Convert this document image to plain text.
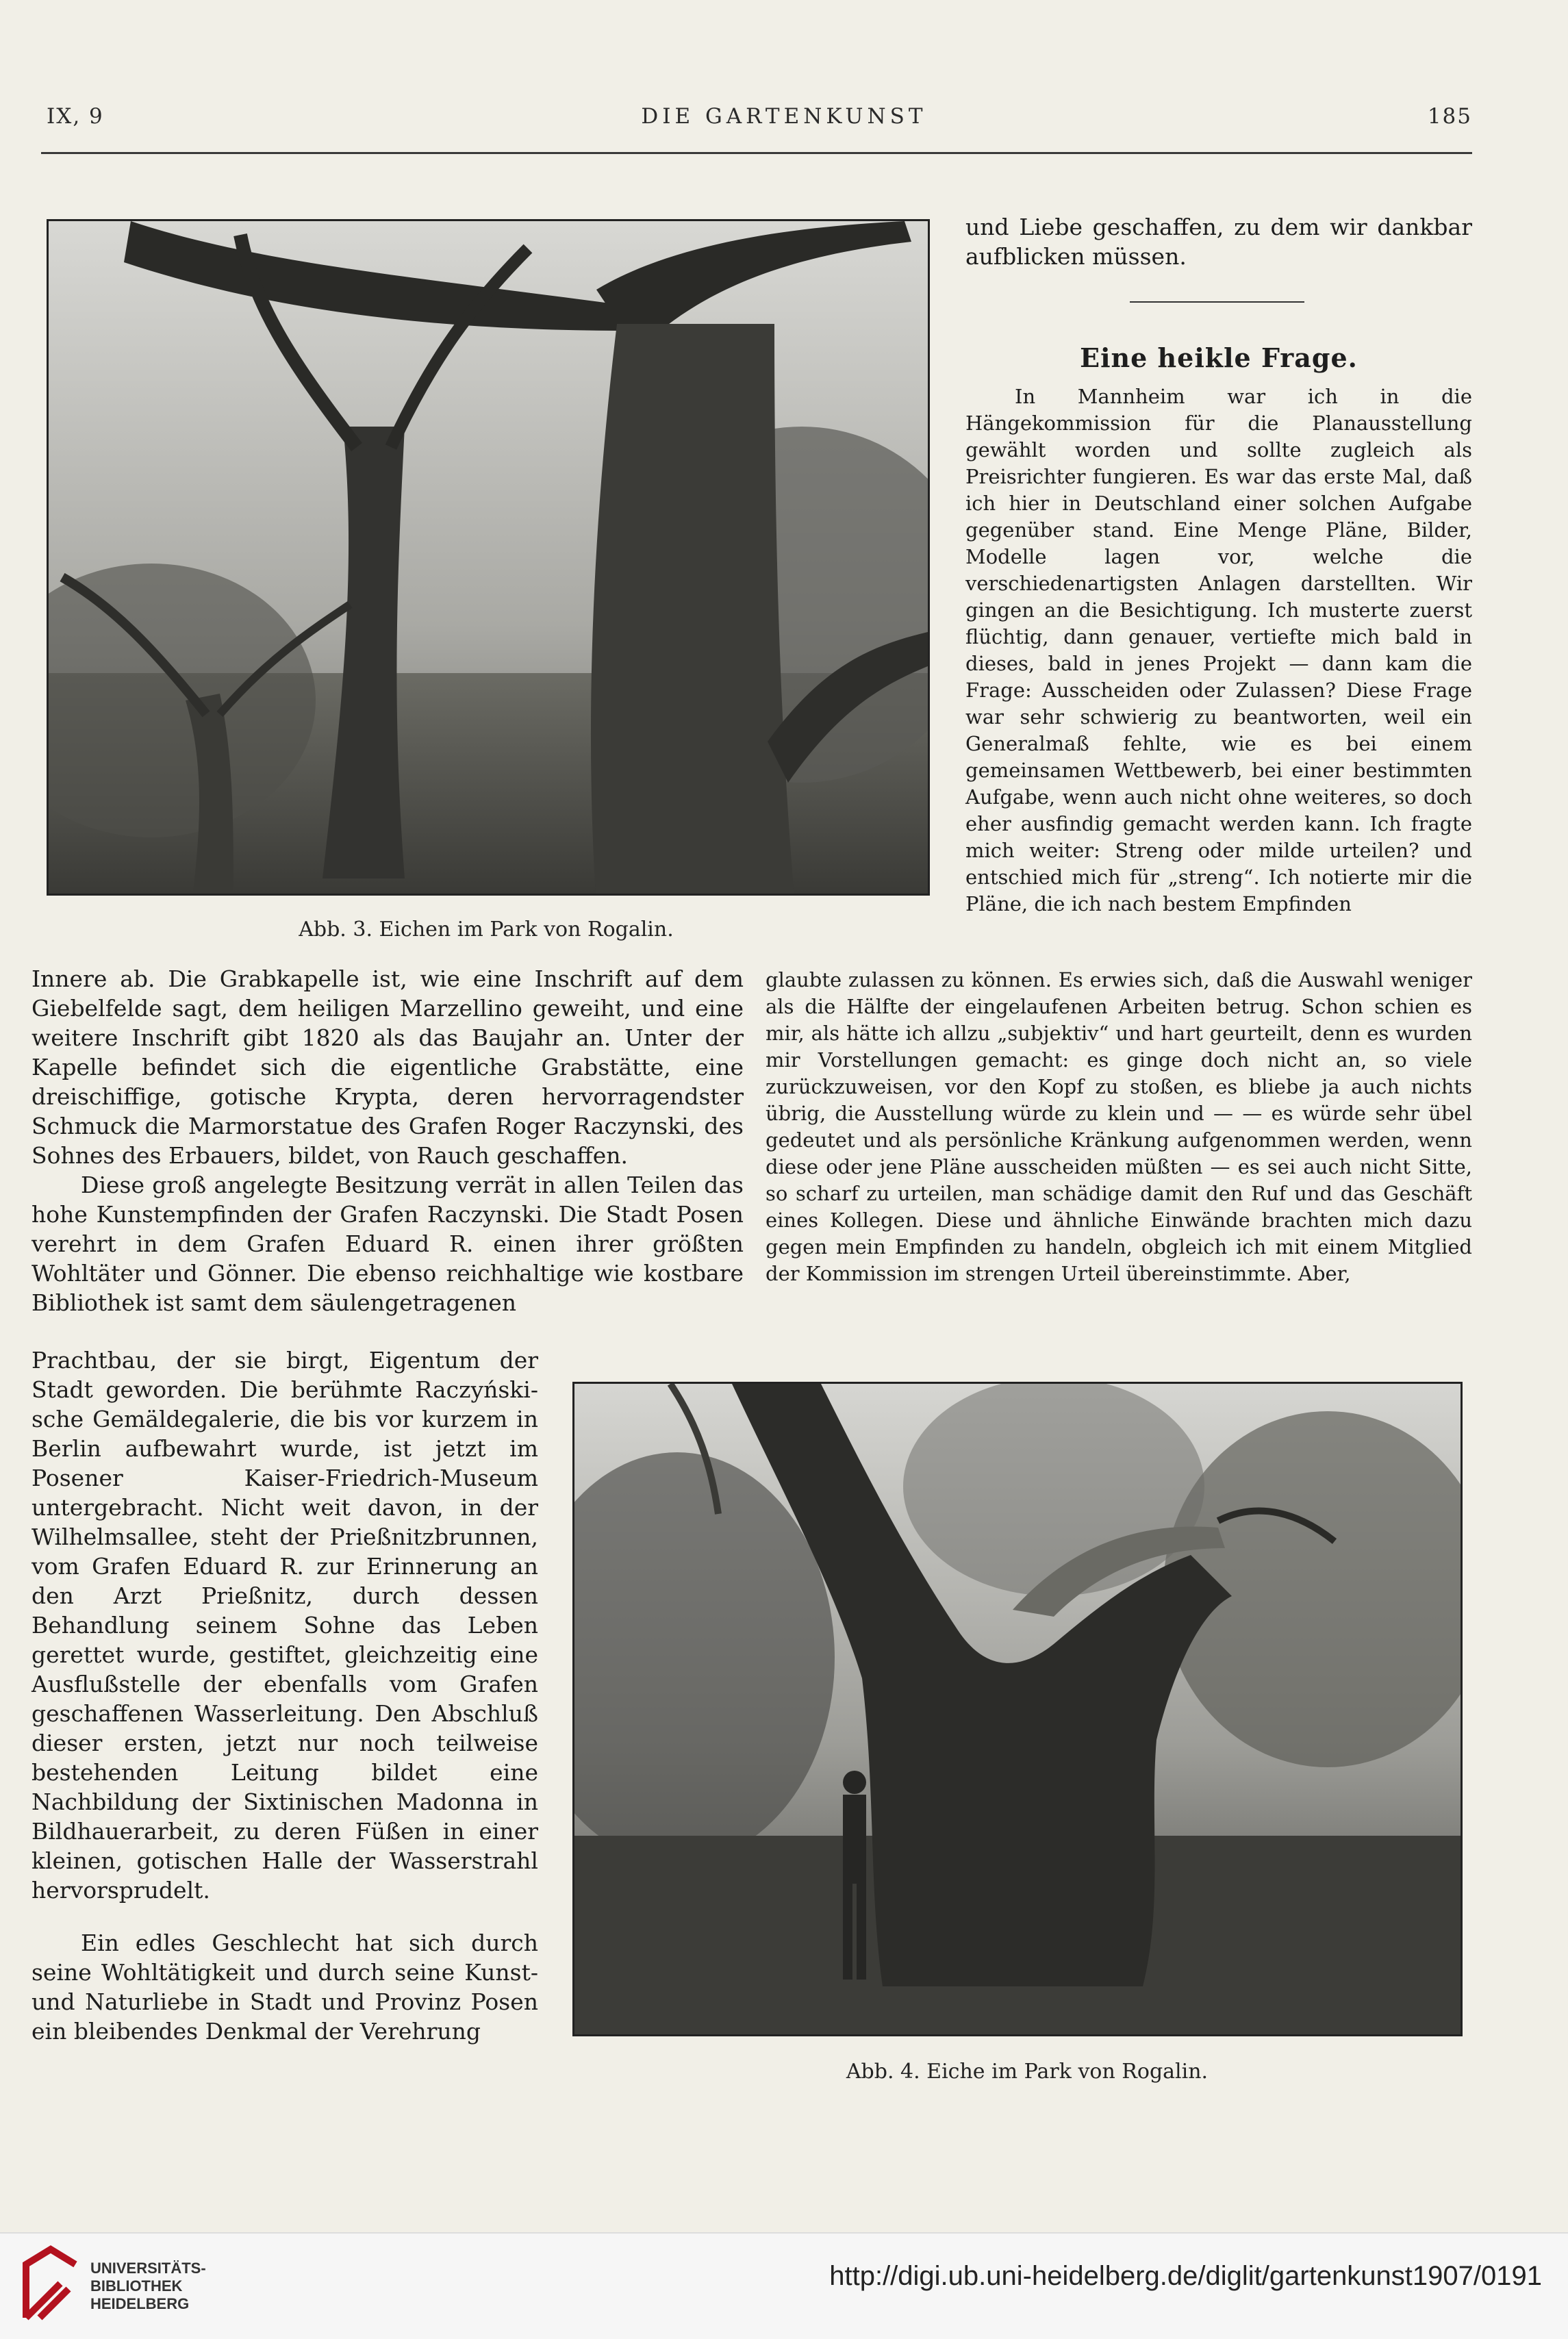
IX, 9	DIE GARTENKUNST	185
Abb. 3. Eichen im Park von Rogalin.

und Liebe geschaffen, zu dem wir dankbar aufblicken müssen.

Eine heikle Frage.

In Mannheim war ich in die Hängekommission für die Planausstellung gewählt worden und sollte zugleich als Preisrichter fungieren. Es war das erste Mal, daß ich hier in Deutschland einer solchen Aufgabe gegenüber stand. Eine Menge Pläne, Bilder, Modelle lagen vor, welche die verschiedenartigsten Anlagen darstellten. Wir gingen an die Besichtigung. Ich musterte zuerst flüchtig, dann genauer, vertiefte mich bald in dieses, bald in jenes Projekt — dann kam die Frage: Ausscheiden oder Zulassen? Diese Frage war sehr schwierig zu beantworten, weil ein Generalmaß fehlte, wie es bei einem gemeinsamen Wettbewerb, bei einer bestimmten Aufgabe, wenn auch nicht ohne weiteres, so doch eher ausfindig gemacht werden kann. Ich fragte mich weiter: Streng oder milde urteilen? und entschied mich für „streng“. Ich notierte mir die Pläne, die ich nach bestem Empfinden

glaubte zulassen zu können. Es erwies sich, daß die Auswahl weniger als die Hälfte der eingelaufenen Arbeiten betrug. Schon schien es mir, als hätte ich allzu „subjektiv“ und hart geurteilt, denn es wurden mir Vorstellungen gemacht: es ginge doch nicht an, so viele zurückzuweisen, vor den Kopf zu stoßen, es bliebe ja auch nichts übrig, die Ausstellung würde zu klein und — — es würde sehr übel gedeutet und als persönliche Kränkung aufgenommen werden, wenn diese oder jene Pläne ausscheiden müßten — es sei auch nicht Sitte, so scharf zu urteilen, man schädige damit den Ruf und das Geschäft eines Kollegen. Diese und ähnliche Einwände brachten mich dazu gegen mein Empfinden zu handeln, obgleich ich mit einem Mitglied der Kommission im strengen Urteil übereinstimmte. Aber,

Innere ab. Die Grabkapelle ist, wie eine Inschrift auf dem Giebelfelde sagt, dem heiligen Marzellino geweiht, und eine weitere Inschrift gibt 1820 als das Baujahr an. Unter der Kapelle befindet sich die eigentliche Grabstätte, eine dreischiffige, gotische Krypta, deren hervorragendster Schmuck die Marmorstatue des Grafen Roger Raczynski, des Sohnes des Erbauers, bildet, von Rauch geschaffen.

Diese groß angelegte Besitzung verrät in allen Teilen das hohe Kunstempfinden der Grafen Raczynski. Die Stadt Posen verehrt in dem Grafen Eduard R. einen ihrer größten Wohltäter und Gönner. Die ebenso reichhaltige wie kostbare Bibliothek ist samt dem säulengetragenen

Prachtbau, der sie birgt, Eigentum der Stadt geworden. Die berühmte Raczyński-sche Gemäldegalerie, die bis vor kurzem in Berlin aufbewahrt wurde, ist jetzt im Posener Kaiser-Friedrich-Museum untergebracht. Nicht weit davon, in der Wilhelmsallee, steht der Prießnitzbrunnen, vom Grafen Eduard R. zur Erinnerung an den Arzt Prießnitz, durch dessen Behandlung seinem Sohne das Leben gerettet wurde, gestiftet, gleichzeitig eine Ausflußstelle der ebenfalls vom Grafen geschaffenen Wasserleitung. Den Abschluß dieser ersten, jetzt nur noch teilweise bestehenden Leitung bildet eine Nachbildung der Sixtinischen Madonna in Bildhauerarbeit, zu deren Füßen in einer kleinen, gotischen Halle der Wasserstrahl hervorsprudelt.

Ein edles Geschlecht hat sich durch seine Wohltätigkeit und durch seine Kunst- und Naturliebe in Stadt und Provinz Posen ein bleibendes Denkmal der Verehrung

Abb. 4. Eiche im Park von Rogalin.
UNIVERSITÄTS-
BIBLIOTHEK
HEIDELBERG
http://digi.ub.uni-heidelberg.de/diglit/gartenkunst1907/0191
